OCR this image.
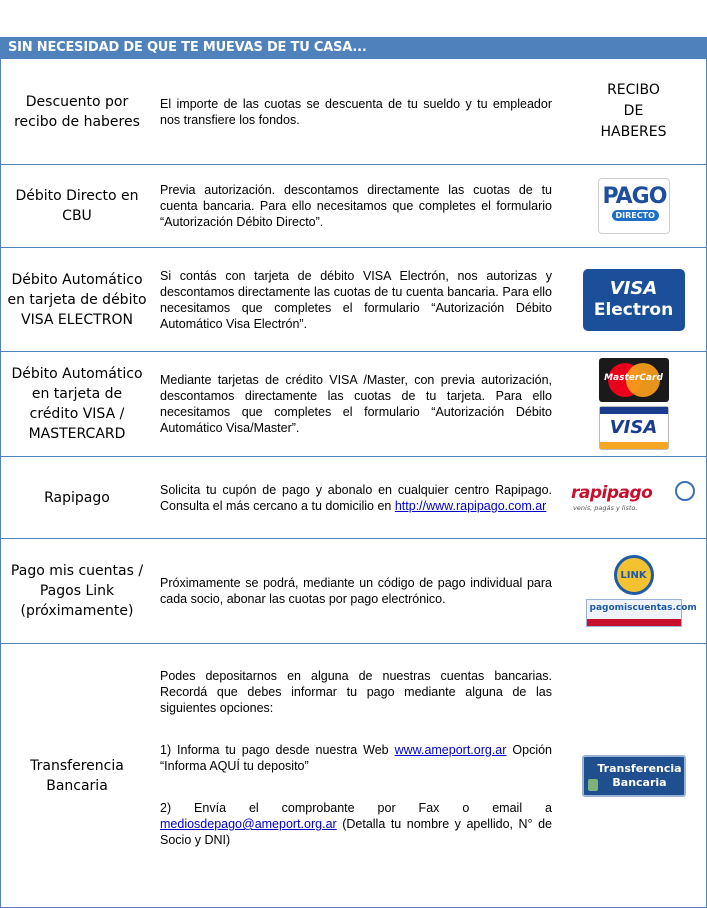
SIN NECESIDAD DE QUE TE MUEVAS DE TU CASA...
Descuento por recibo de haberes
El importe de las cuotas se descuenta de tu sueldo y tu empleador nos transfiere los fondos.
RECIBO
DE
HABERES
Débito Directo en CBU
Previa autorización. descontamos directamente las cuotas de tu cuenta bancaria. Para ello necesitamos que completes el formulario “Autorización Débito Directo”.
PAGO
DIRECTO
Débito Automático en tarjeta de débito VISA ELECTRON
Si contás con tarjeta de débito VISA Electrón, nos autorizas y descontamos directamente las cuotas de tu cuenta bancaria. Para ello necesitamos que completes el formulario “Autorización Débito Automático Visa Electrón”.
VISA
Electron
Débito Automático en tarjeta de crédito VISA / MASTERCARD
Mediante tarjetas de crédito VISA /Master, con previa autorización, descontamos directamente las cuotas de tu tarjeta. Para ello necesitamos que completes el formulario “Autorización Débito Automático Visa/Master”.
MasterCard
VISA
Rapipago	Solicita tu cupón de pago y abonalo en cualquier centro Rapipago. Consulta el más cercano a tu domicilio en http://www.rapipago.com.ar
rapipago
venis, pagás y listo.
Pago mis cuentas / Pagos Link (próximamente)
Próximamente se podrá, mediante un código de pago individual para cada socio, abonar las cuotas por pago electrónico.
LINK
pagomiscuentas.com
Transferencia Bancaria
Podes depositarnos en alguna de nuestras cuentas bancarias. Recordá que debes informar tu pago mediante alguna de las siguientes opciones:
1) Informa tu pago desde nuestra Web www.ameport.org.ar Opción “Informa AQUÍ tu deposito”
2) Envía el comprobante por Fax o email a mediosdepago@ameport.org.ar (Detalla tu nombre y apellido, N° de Socio y DNI)
Transferencia
Bancaria
